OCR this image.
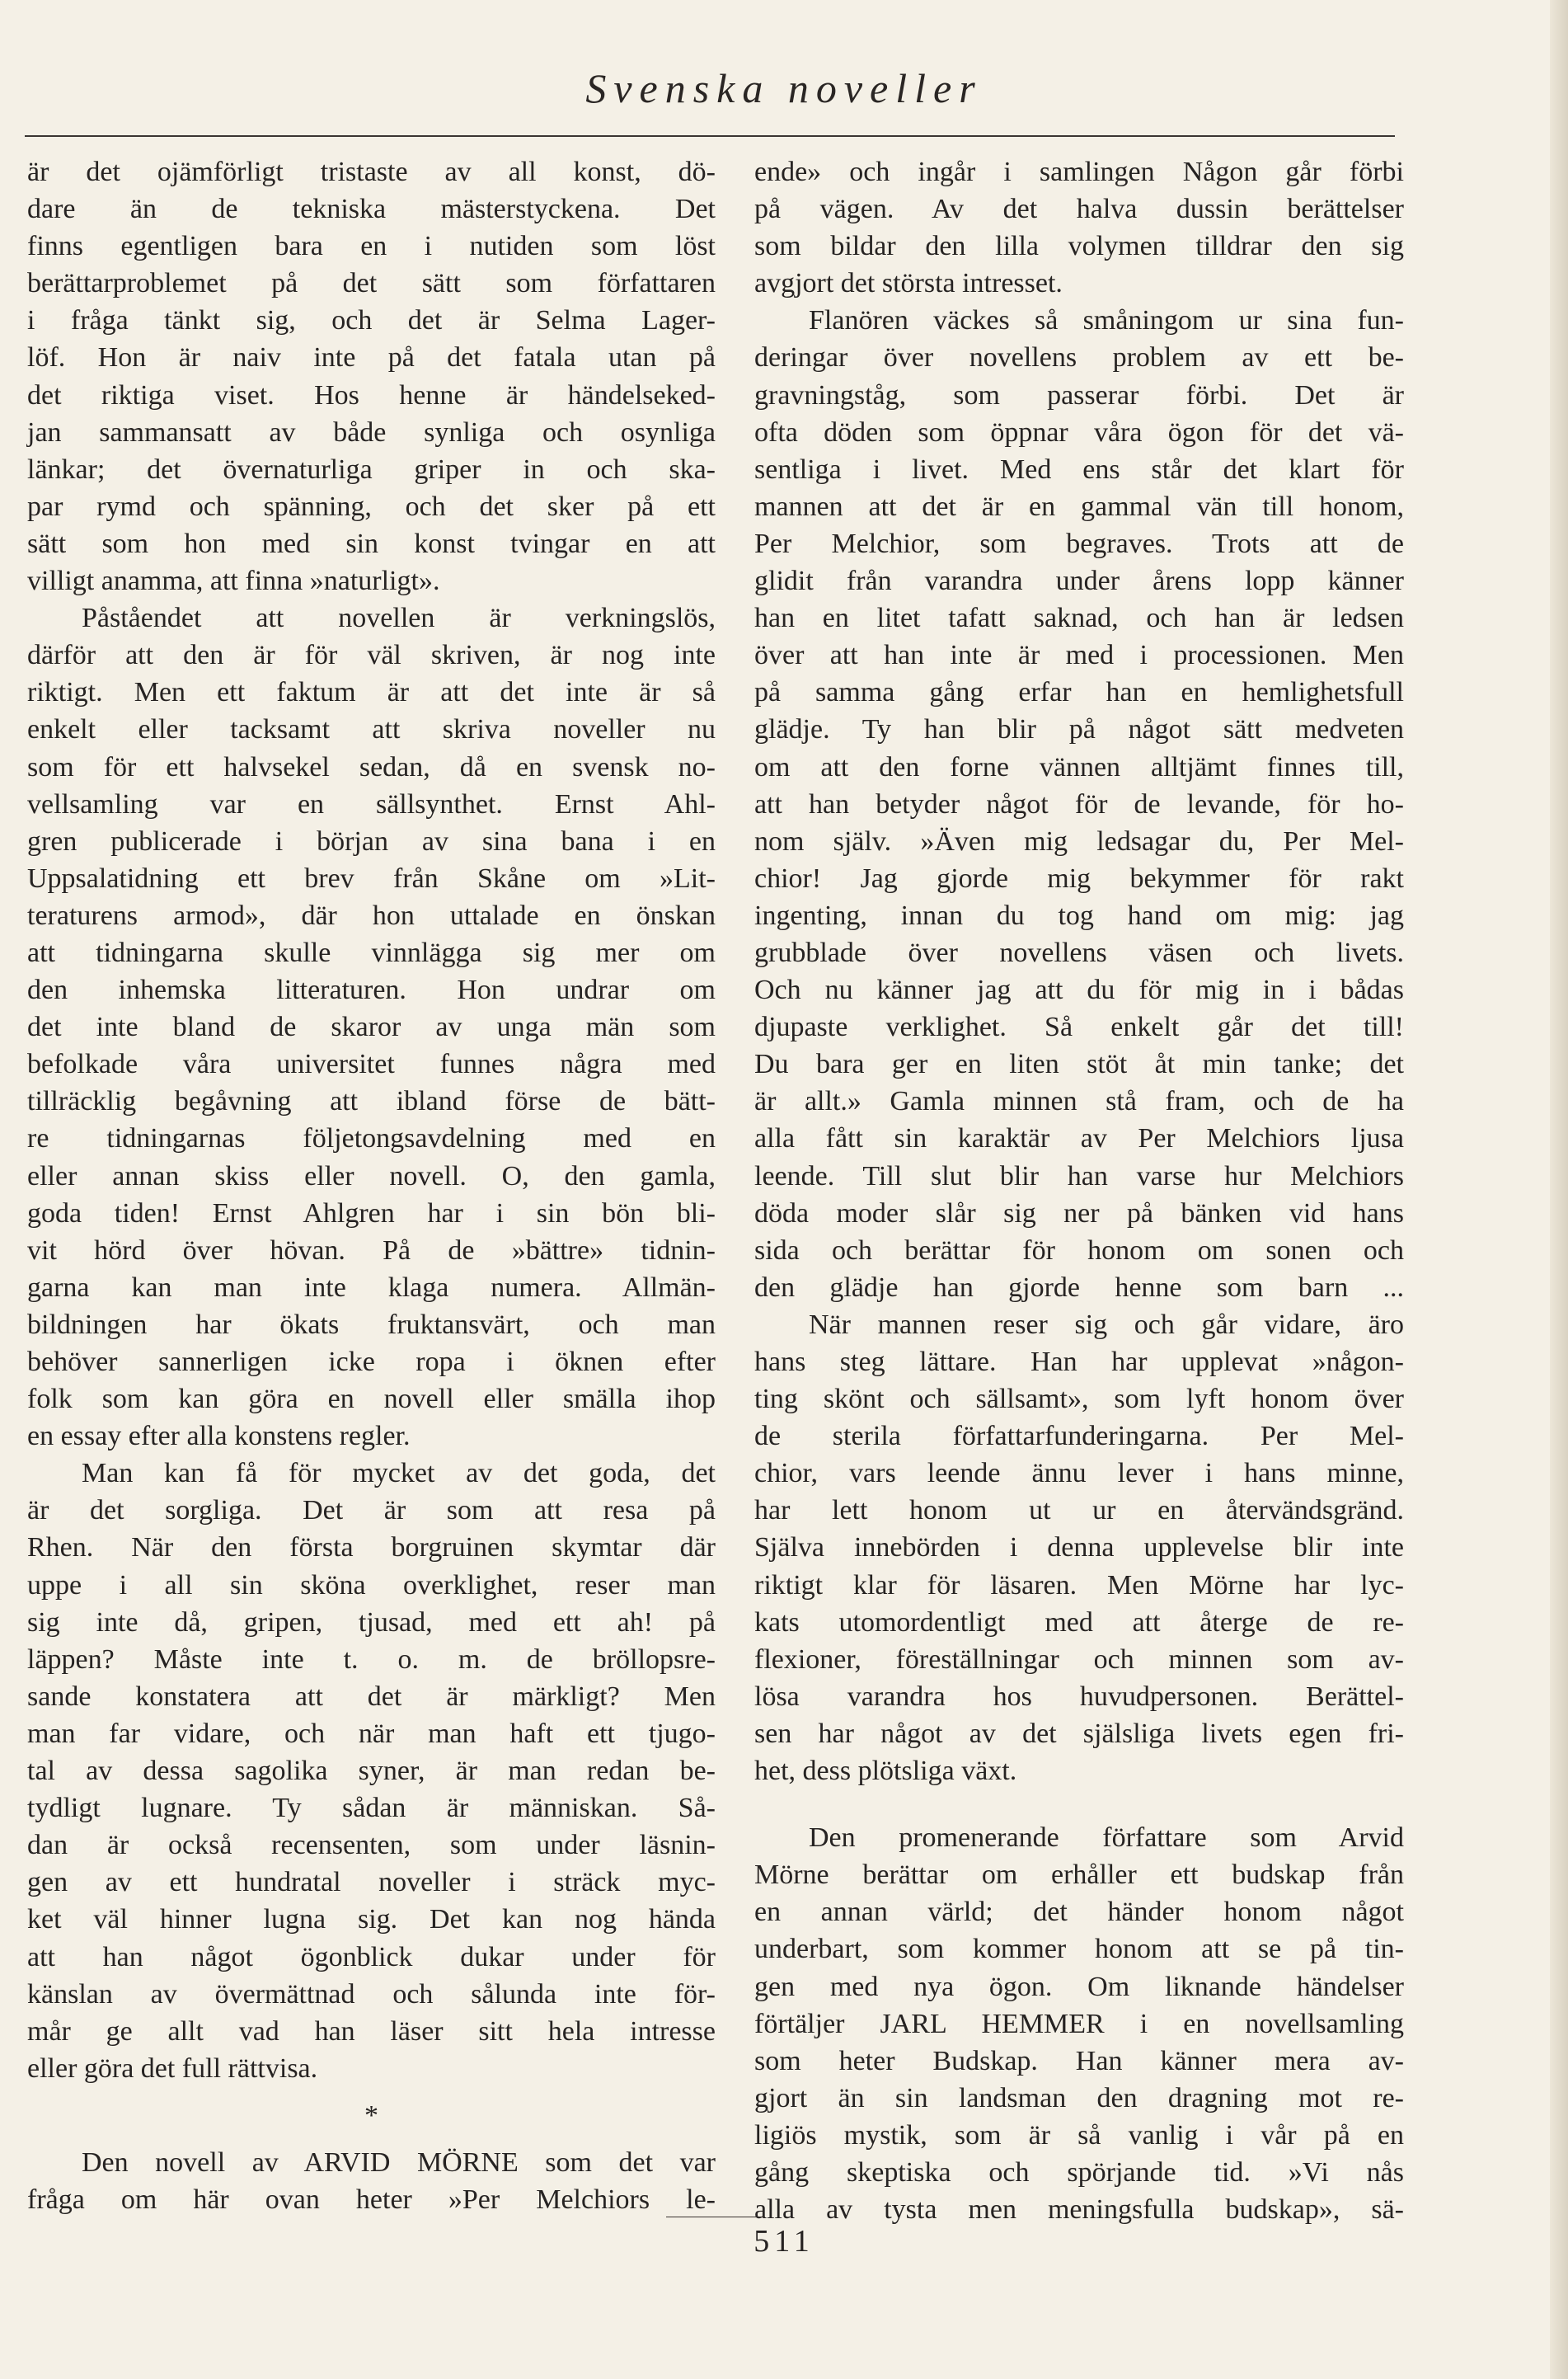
Svenska noveller
är det ojämförligt tristaste av all konst, dö-
dare än de tekniska mästerstyckena. Det
finns egentligen bara en i nutiden som löst
berättarproblemet på det sätt som författaren
i fråga tänkt sig, och det är Selma Lager-
löf. Hon är naiv inte på det fatala utan på
det riktiga viset. Hos henne är händelseked-
jan sammansatt av både synliga och osynliga
länkar; det övernaturliga griper in och ska-
par rymd och spänning, och det sker på ett
sätt som hon med sin konst tvingar en att
villigt anamma, att finna »naturligt».
Påståendet att novellen är verkningslös,
därför att den är för väl skriven, är nog inte
riktigt. Men ett faktum är att det inte är så
enkelt eller tacksamt att skriva noveller nu
som för ett halvsekel sedan, då en svensk no-
vellsamling var en sällsynthet. Ernst Ahl-
gren publicerade i början av sina bana i en
Uppsalatidning ett brev från Skåne om »Lit-
teraturens armod», där hon uttalade en önskan
att tidningarna skulle vinnlägga sig mer om
den inhemska litteraturen. Hon undrar om
det inte bland de skaror av unga män som
befolkade våra universitet funnes några med
tillräcklig begåvning att ibland förse de bätt-
re tidningarnas följetongsavdelning med en
eller annan skiss eller novell. O, den gamla,
goda tiden! Ernst Ahlgren har i sin bön bli-
vit hörd över hövan. På de »bättre» tidnin-
garna kan man inte klaga numera. Allmän-
bildningen har ökats fruktansvärt, och man
behöver sannerligen icke ropa i öknen efter
folk som kan göra en novell eller smälla ihop
en essay efter alla konstens regler.
Man kan få för mycket av det goda, det
är det sorgliga. Det är som att resa på
Rhen. När den första borgruinen skymtar där
uppe i all sin sköna overklighet, reser man
sig inte då, gripen, tjusad, med ett ah! på
läppen? Måste inte t. o. m. de bröllopsre-
sande konstatera att det är märkligt? Men
man far vidare, och när man haft ett tjugo-
tal av dessa sagolika syner, är man redan be-
tydligt lugnare. Ty sådan är människan. Så-
dan är också recensenten, som under läsnin-
gen av ett hundratal noveller i sträck myc-
ket väl hinner lugna sig. Det kan nog hända
att han något ögonblick dukar under för
känslan av övermättnad och sålunda inte för-
mår ge allt vad han läser sitt hela intresse
eller göra det full rättvisa.
*
Den novell av ARVID MÖRNE som det var
fråga om här ovan heter »Per Melchiors le-
ende» och ingår i samlingen Någon går förbi
på vägen. Av det halva dussin berättelser
som bildar den lilla volymen tilldrar den sig
avgjort det största intresset.
Flanören väckes så småningom ur sina fun-
deringar över novellens problem av ett be-
gravningståg, som passerar förbi. Det är
ofta döden som öppnar våra ögon för det vä-
sentliga i livet. Med ens står det klart för
mannen att det är en gammal vän till honom,
Per Melchior, som begraves. Trots att de
glidit från varandra under årens lopp känner
han en litet tafatt saknad, och han är ledsen
över att han inte är med i processionen. Men
på samma gång erfar han en hemlighetsfull
glädje. Ty han blir på något sätt medveten
om att den forne vännen alltjämt finnes till,
att han betyder något för de levande, för ho-
nom själv. »Även mig ledsagar du, Per Mel-
chior! Jag gjorde mig bekymmer för rakt
ingenting, innan du tog hand om mig: jag
grubblade över novellens väsen och livets.
Och nu känner jag att du för mig in i bådas
djupaste verklighet. Så enkelt går det till!
Du bara ger en liten stöt åt min tanke; det
är allt.» Gamla minnen stå fram, och de ha
alla fått sin karaktär av Per Melchiors ljusa
leende. Till slut blir han varse hur Melchiors
döda moder slår sig ner på bänken vid hans
sida och berättar för honom om sonen och
den glädje han gjorde henne som barn ...
När mannen reser sig och går vidare, äro
hans steg lättare. Han har upplevat »någon-
ting skönt och sällsamt», som lyft honom över
de sterila författarfunderingarna. Per Mel-
chior, vars leende ännu lever i hans minne,
har lett honom ut ur en återvändsgränd.
Själva innebörden i denna upplevelse blir inte
riktigt klar för läsaren. Men Mörne har lyc-
kats utomordentligt med att återge de re-
flexioner, föreställningar och minnen som av-
lösa varandra hos huvudpersonen. Berättel-
sen har något av det själsliga livets egen fri-
het, dess plötsliga växt.
Den promenerande författare som Arvid
Mörne berättar om erhåller ett budskap från
en annan värld; det händer honom något
underbart, som kommer honom att se på tin-
gen med nya ögon. Om liknande händelser
förtäljer JARL HEMMER i en novellsamling
som heter Budskap. Han känner mera av-
gjort än sin landsman den dragning mot re-
ligiös mystik, som är så vanlig i vår på en
gång skeptiska och spörjande tid. »Vi nås
alla av tysta men meningsfulla budskap», sä-
511
